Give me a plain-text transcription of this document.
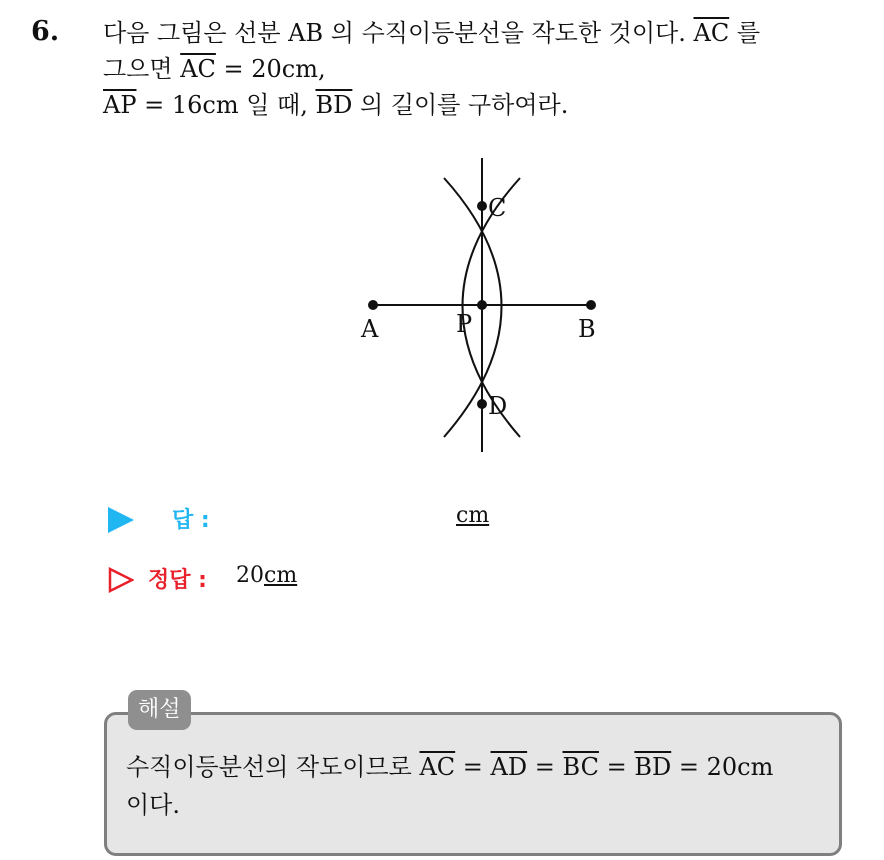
6. 다음 그림은 선분 AB 의 수직이등분선을 작도한 것이다. $\overline{AC}$ 를
그으면 $\overline{AC} = 20cm$,
$\overline{AP} = 16cm$ 일 때, $\overline{BD}$ 의 길이를 구하여라.
A	B
P
C
D
답 :	cm
정답 : 20cm
해설
수직이등분선의 작도이므로 $\overline{AC} = \overline{AD} = \overline{BC} = \overline{BD} = 20cm$
이다.
